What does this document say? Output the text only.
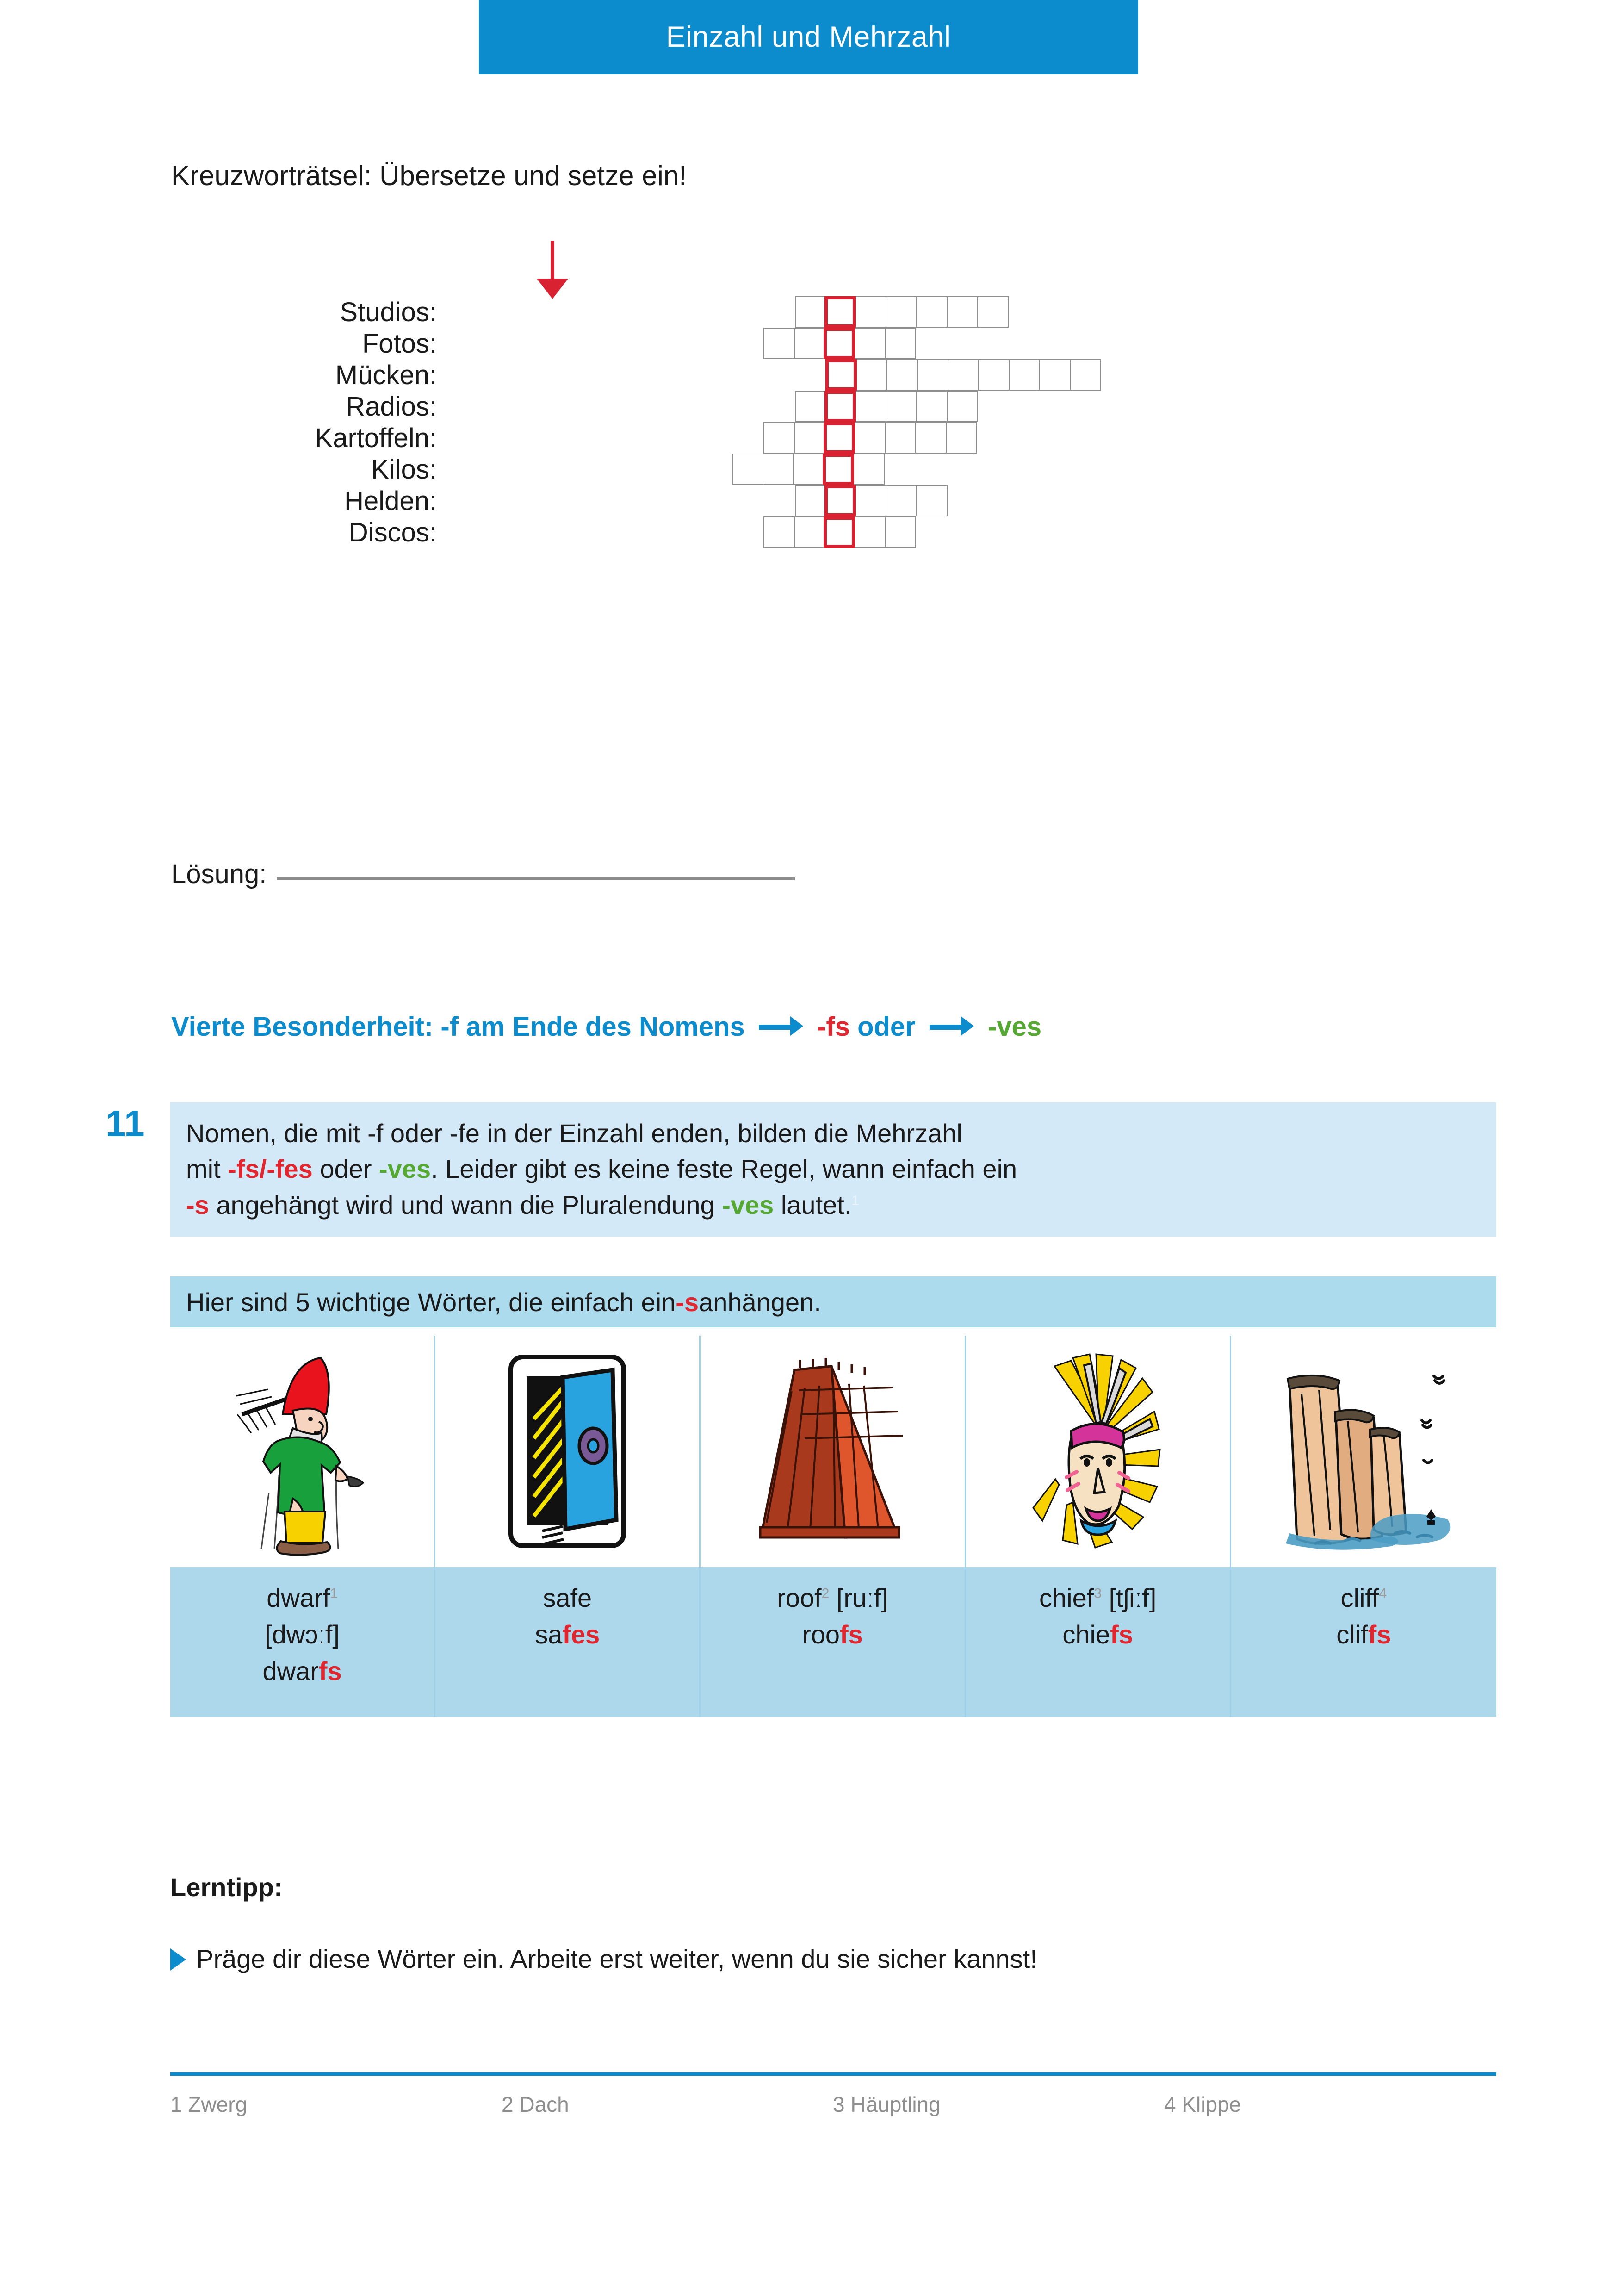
Einzahl und Mehrzahl
Kreuzworträtsel: Übersetze und setze ein!
Studios:
Fotos:
Mücken:
Radios:
Kartoffeln:
Kilos:
Helden:
Discos:
Lösung:
Vierte Besonderheit: -f am Ende des Nomens	-fs oder	-ves
11 Nomen, die mit -f oder -fe in der Einzahl enden, bilden die Mehrzahl

mit -fs/-fes oder -ves. Leider gibt es keine feste Regel, wann einfach ein

-s angehängt wird und wann die Pluralendung -ves lautet.$^1$

Hier sind 5 wichtige Wörter, die einfach ein -s anhängen.
dwarf$^1$
[dwɔːf]
dwarfs
safe
safes
roof$^2$ [ruːf]
roofs
chief$^3$ [tʃiːf]
chiefs
cliff$^4$
cliffs
Lerntipp:
Präge dir diese Wörter ein. Arbeite erst weiter, wenn du sie sicher kannst!
1 Zwerg	2 Dach	3 Häuptling	4 Klippe
